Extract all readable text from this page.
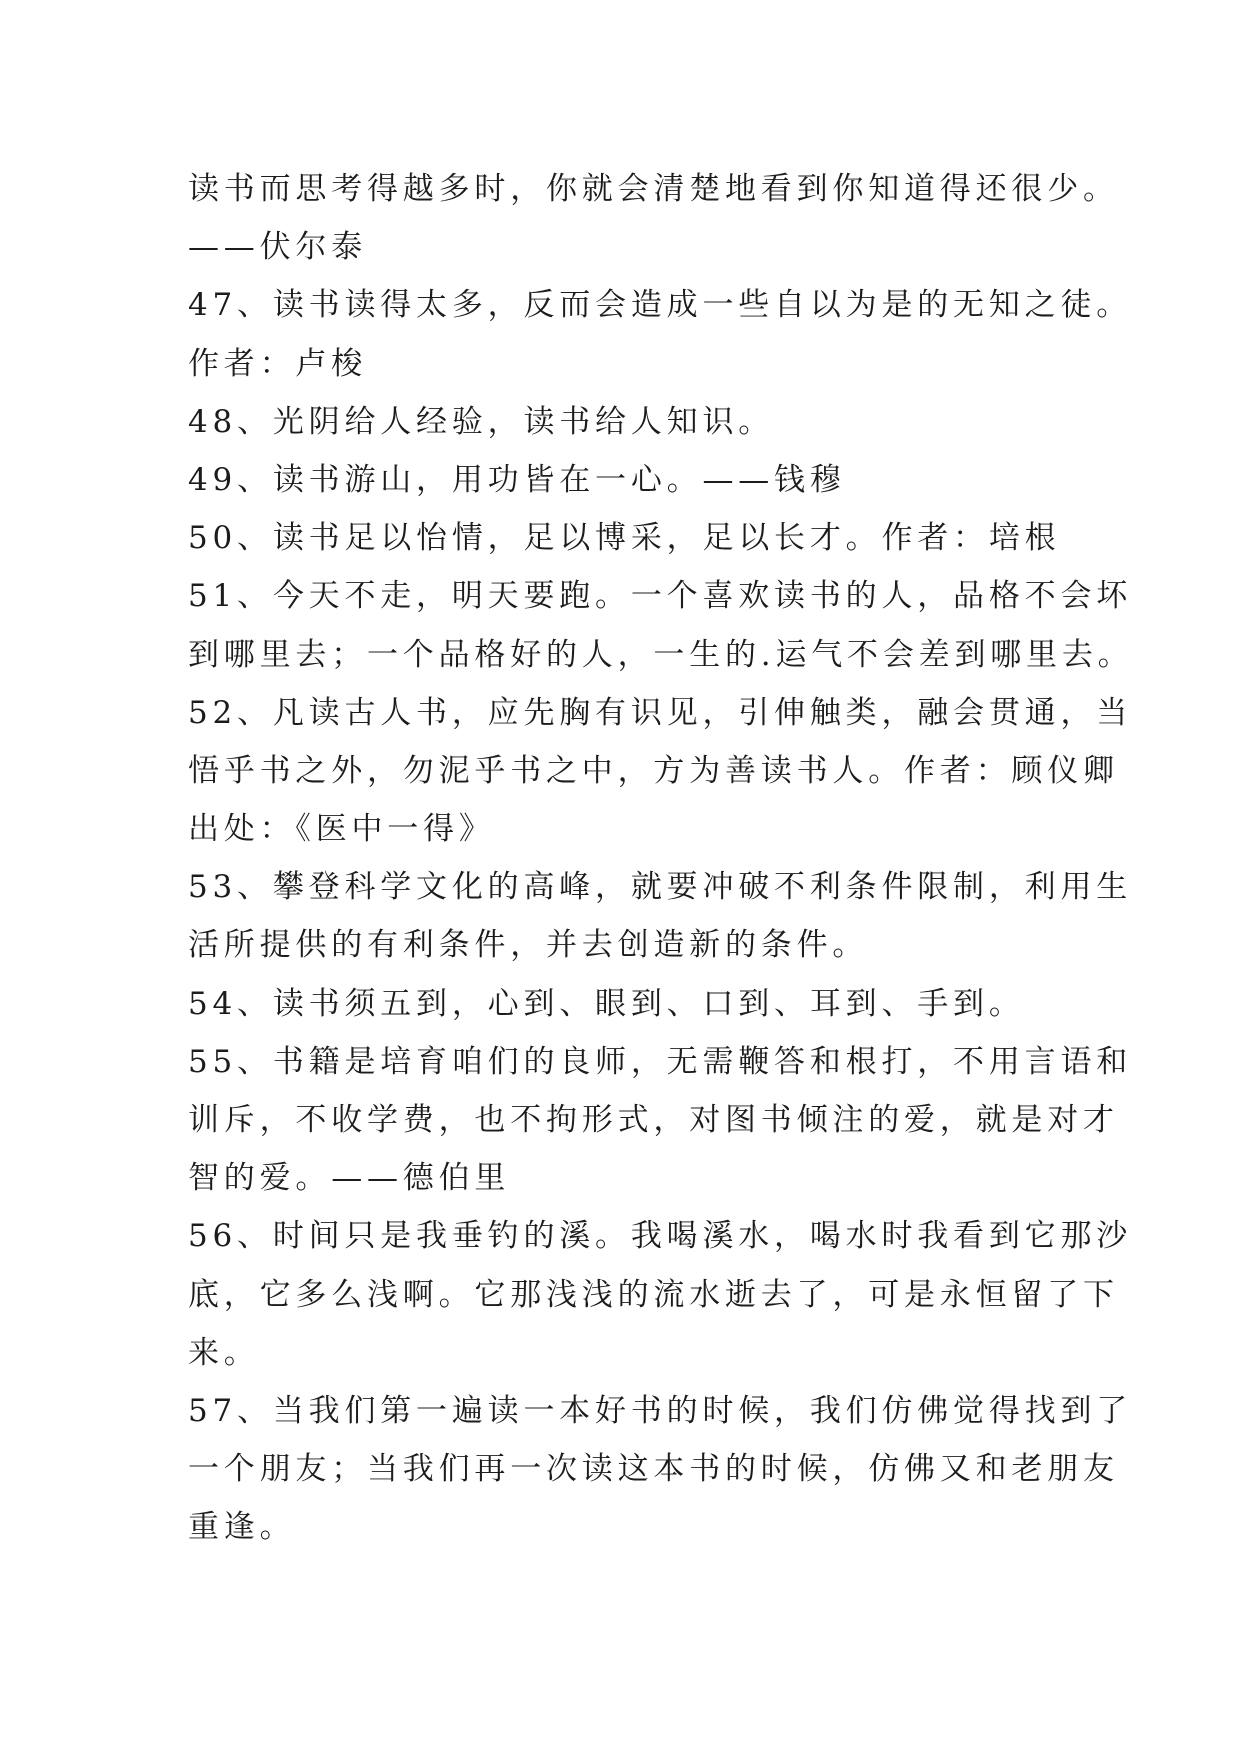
读书而思考得越多时，你就会清楚地看到你知道得还很少。
——伏尔泰
47、读书读得太多，反而会造成一些自以为是的无知之徒。
作者：卢梭
48、光阴给人经验，读书给人知识。
49、读书游山，用功皆在一心。——钱穆
50、读书足以怡情，足以博采，足以长才。作者：培根
51、今天不走，明天要跑。一个喜欢读书的人，品格不会坏
到哪里去；一个品格好的人，一生的.运气不会差到哪里去。
52、凡读古人书，应先胸有识见，引伸触类，融会贯通，当
悟乎书之外，勿泥乎书之中，方为善读书人。作者：顾仪卿
出处：《医中一得》
53、攀登科学文化的高峰，就要冲破不利条件限制，利用生
活所提供的有利条件，并去创造新的条件。
54、读书须五到，心到、眼到、口到、耳到、手到。
55、书籍是培育咱们的良师，无需鞭答和根打，不用言语和
训斥，不收学费，也不拘形式，对图书倾注的爱，就是对才
智的爱。——德伯里
56、时间只是我垂钓的溪。我喝溪水，喝水时我看到它那沙
底，它多么浅啊。它那浅浅的流水逝去了，可是永恒留了下
来。
57、当我们第一遍读一本好书的时候，我们仿佛觉得找到了
一个朋友；当我们再一次读这本书的时候，仿佛又和老朋友
重逢。
